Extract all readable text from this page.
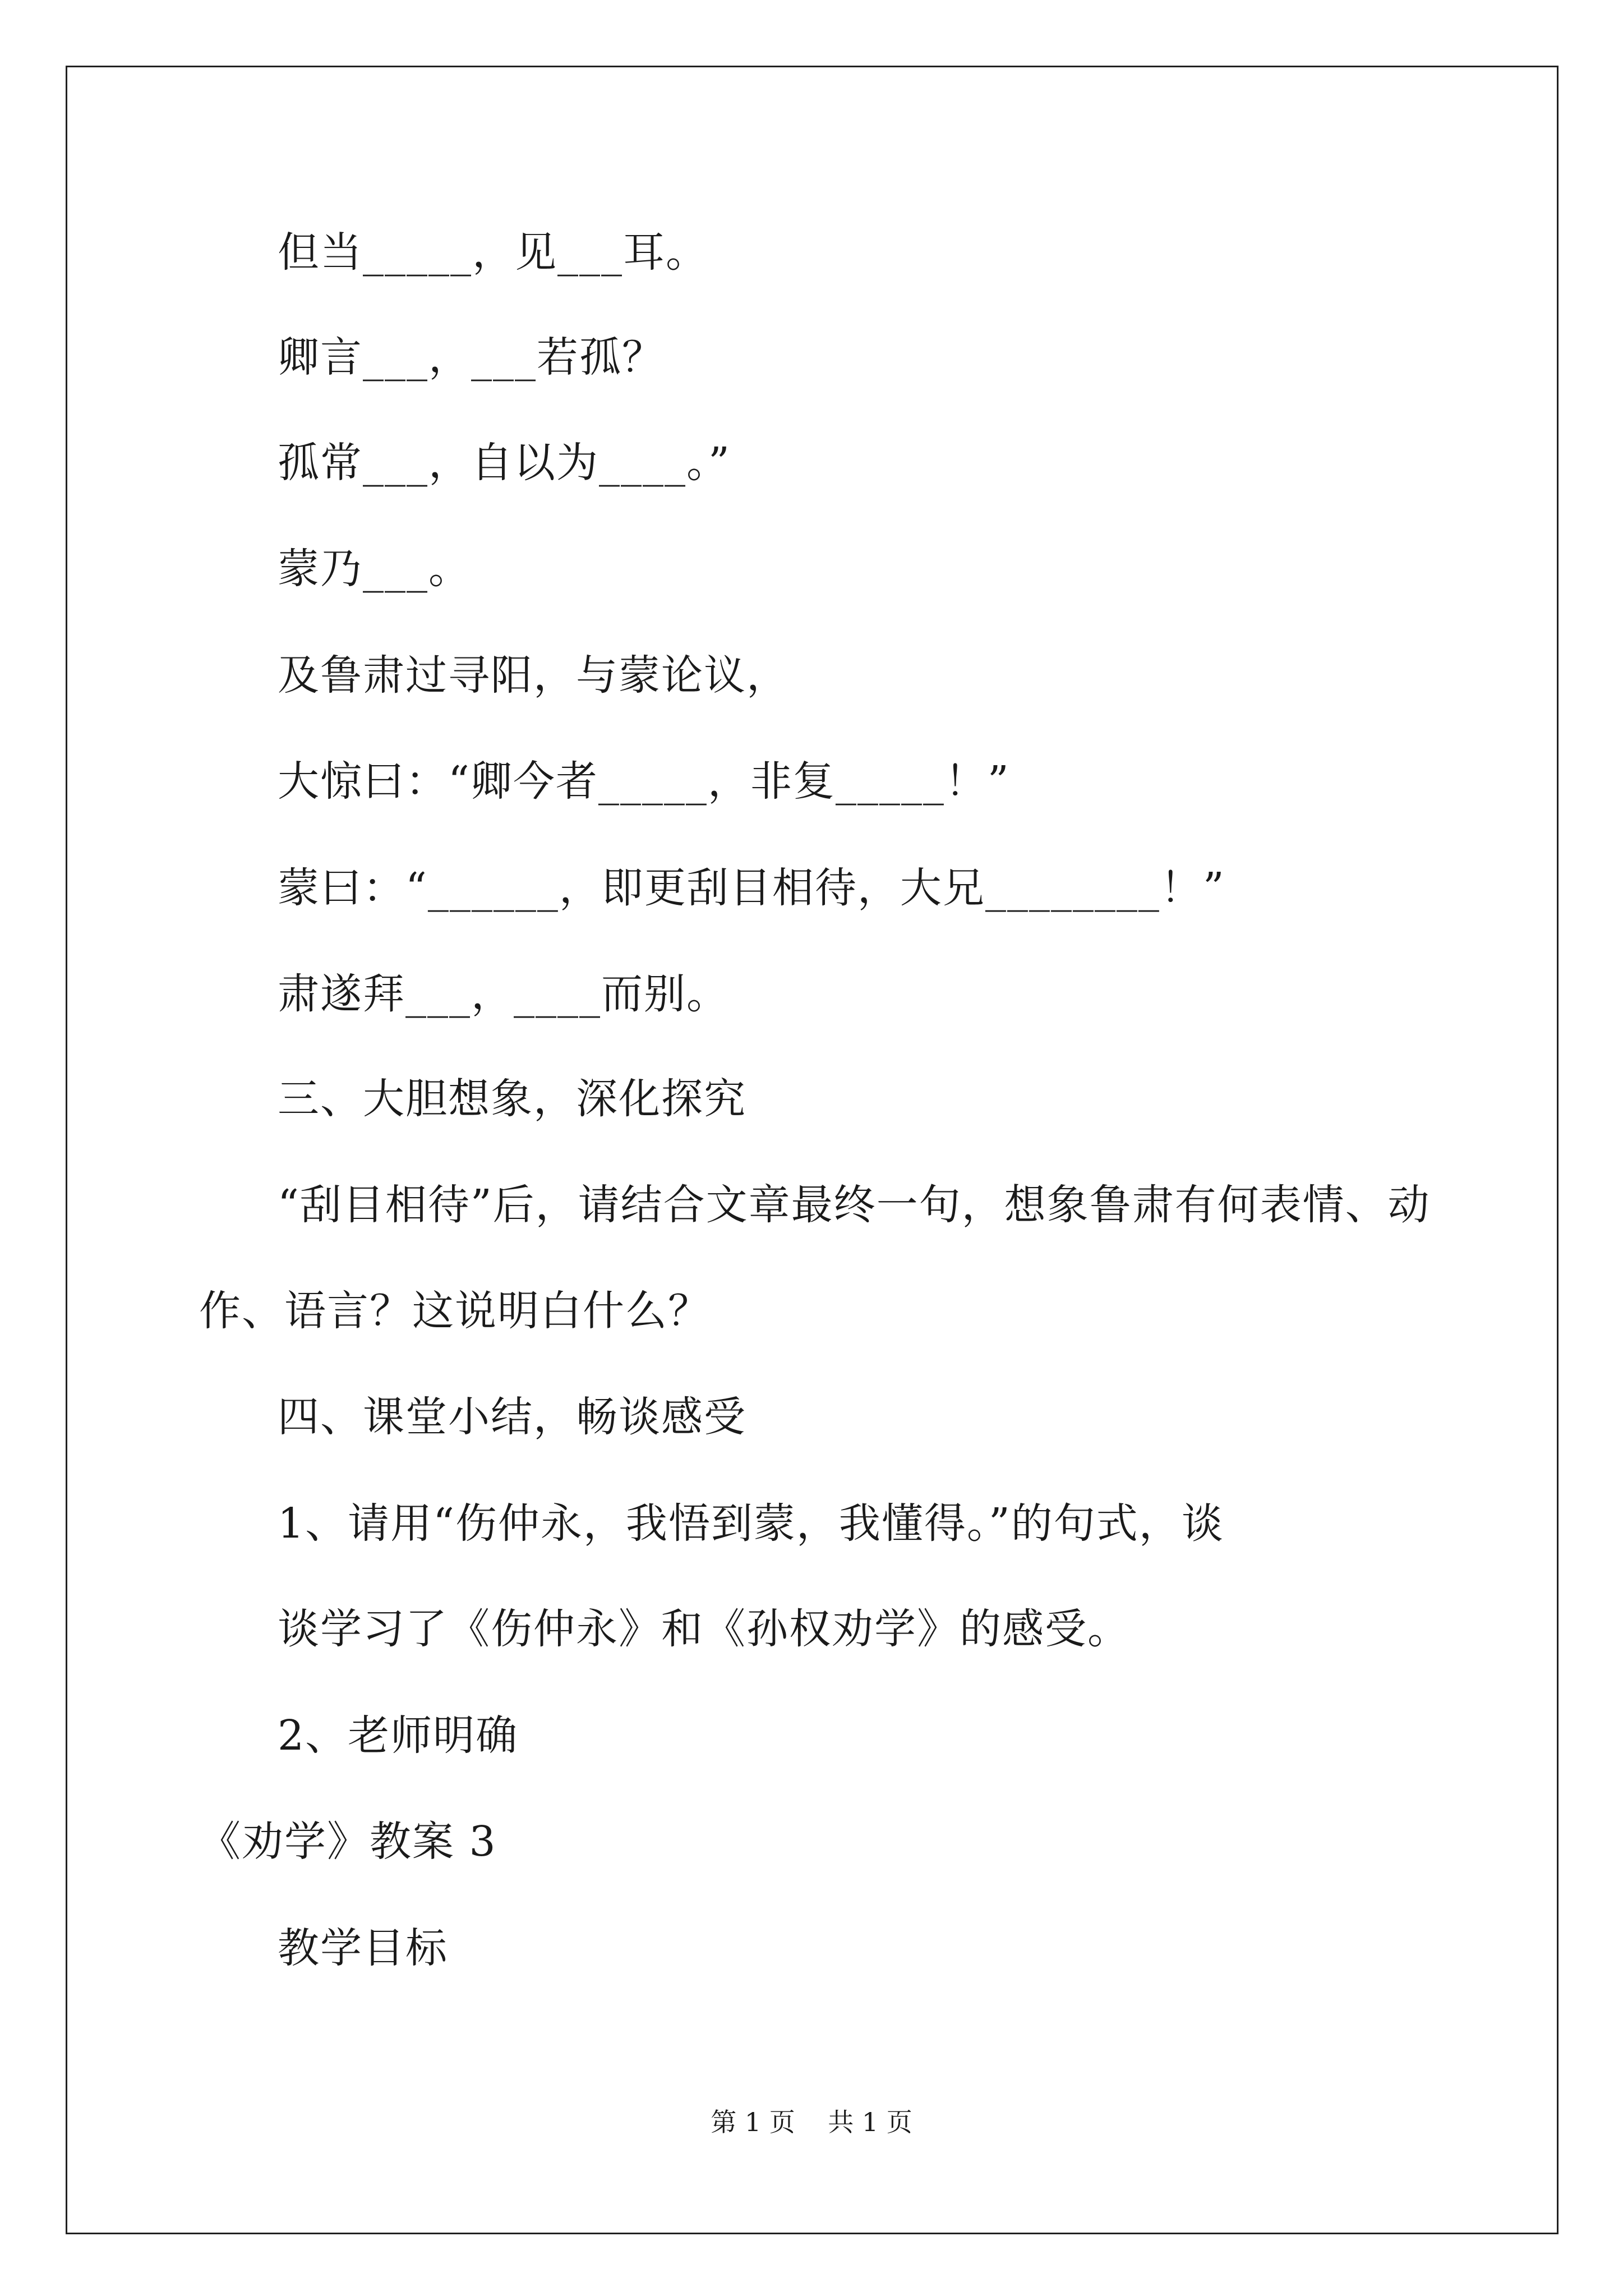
但当_____，见___耳。
卿言___，___若孤？
孤常___，自以为____。”
蒙乃___。
及鲁肃过寻阳，与蒙论议，
大惊曰：“卿今者_____，非复_____！”
蒙曰：“______，即更刮目相待，大兄________！”
肃遂拜___，____而别。
三、大胆想象，深化探究
“刮目相待”后，请结合文章最终一句，想象鲁肃有何表情、动
作、语言？这说明白什么？
四、课堂小结，畅谈感受
1、请用“伤仲永，我悟到蒙，我懂得。”的句式，谈
谈学习了《伤仲永》和《孙权劝学》的感受。
2、老师明确
《劝学》教案 3
教学目标
第 1 页    共 1 页
